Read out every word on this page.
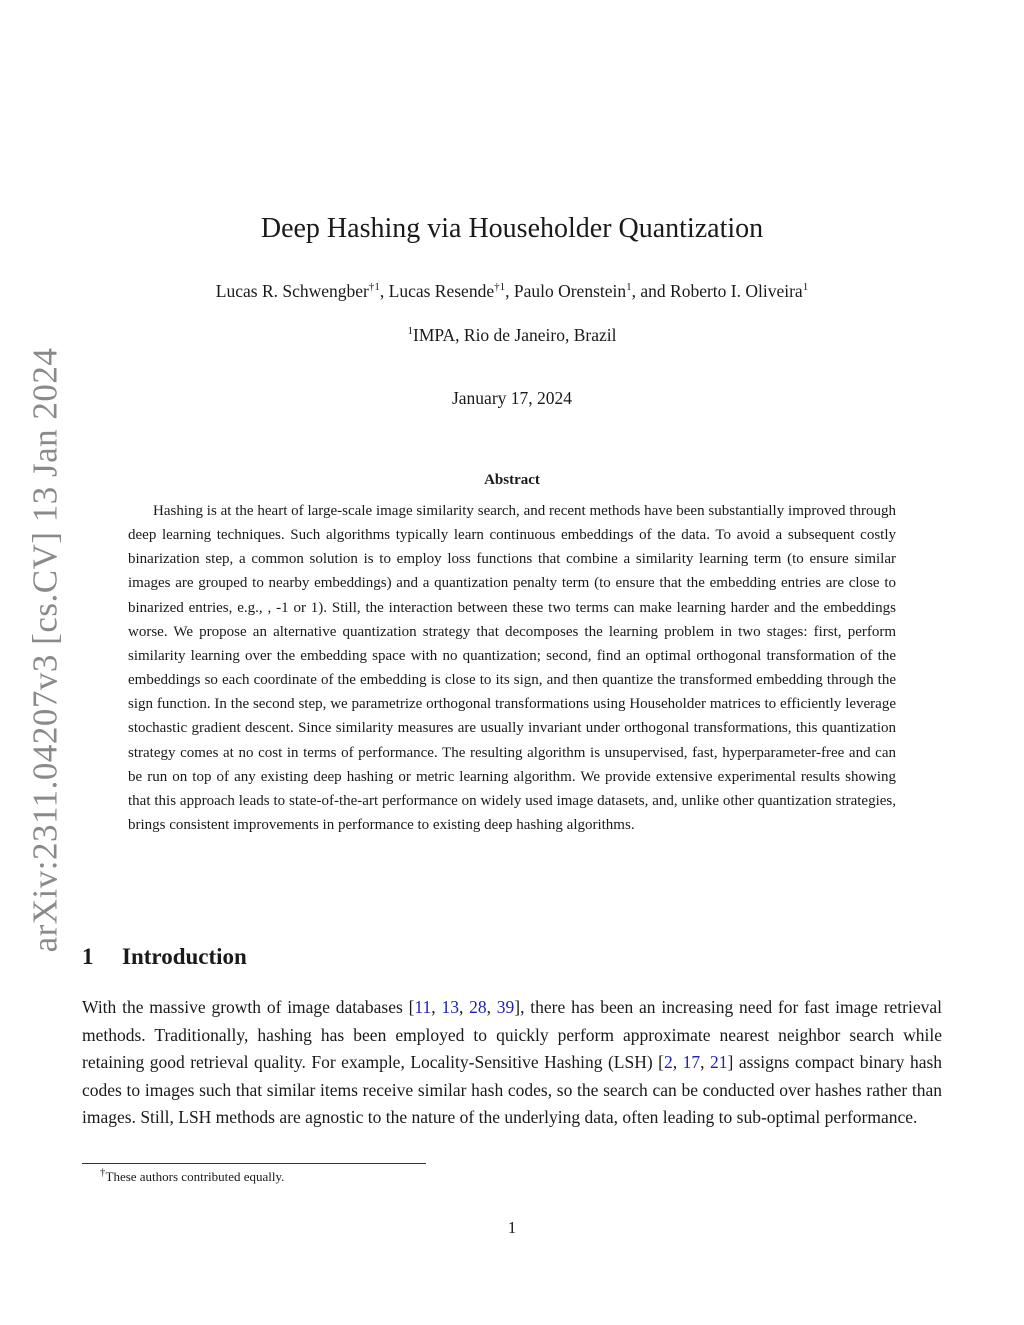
arXiv:2311.04207v3 [cs.CV] 13 Jan 2024
Deep Hashing via Householder Quantization

Lucas R. Schwengber$^{\dagger 1}$, Lucas Resende$^{\dagger 1}$, Paulo Orenstein$^1$, and Roberto I. Oliveira$^1$

$^1$IMPA, Rio de Janeiro, Brazil

January 17, 2024

Abstract

Hashing is at the heart of large-scale image similarity search, and recent methods have been substantially improved through deep learning techniques. Such algorithms typically learn continuous embeddings of the data. To avoid a subsequent costly binarization step, a common solution is to employ loss functions that combine a similarity learning term (to ensure similar images are grouped to nearby embeddings) and a quantization penalty term (to ensure that the embedding entries are close to binarized entries, e.g., , -1 or 1). Still, the interaction between these two terms can make learning harder and the embeddings worse. We propose an alternative quantization strategy that decomposes the learning problem in two stages: first, perform similarity learning over the embedding space with no quantization; second, find an optimal orthogonal transformation of the embeddings so each coordinate of the embedding is close to its sign, and then quantize the transformed embedding through the sign function. In the second step, we parametrize orthogonal transformations using Householder matrices to efficiently leverage stochastic gradient descent. Since similarity measures are usually invariant under orthogonal transformations, this quantization strategy comes at no cost in terms of performance. The resulting algorithm is unsupervised, fast, hyperparameter-free and can be run on top of any existing deep hashing or metric learning algorithm. We provide extensive experimental results showing that this approach leads to state-of-the-art performance on widely used image datasets, and, unlike other quantization strategies, brings consistent improvements in performance to existing deep hashing algorithms.

1 Introduction

With the massive growth of image databases [11, 13, 28, 39], there has been an increasing need for fast image retrieval methods. Traditionally, hashing has been employed to quickly perform approximate nearest neighbor search while retaining good retrieval quality. For example, Locality-Sensitive Hashing (LSH) [2, 17, 21] assigns compact binary hash codes to images such that similar items receive similar hash codes, so the search can be conducted over hashes rather than images. Still, LSH methods are agnostic to the nature of the underlying data, often leading to sub-optimal performance.

†These authors contributed equally.

1
